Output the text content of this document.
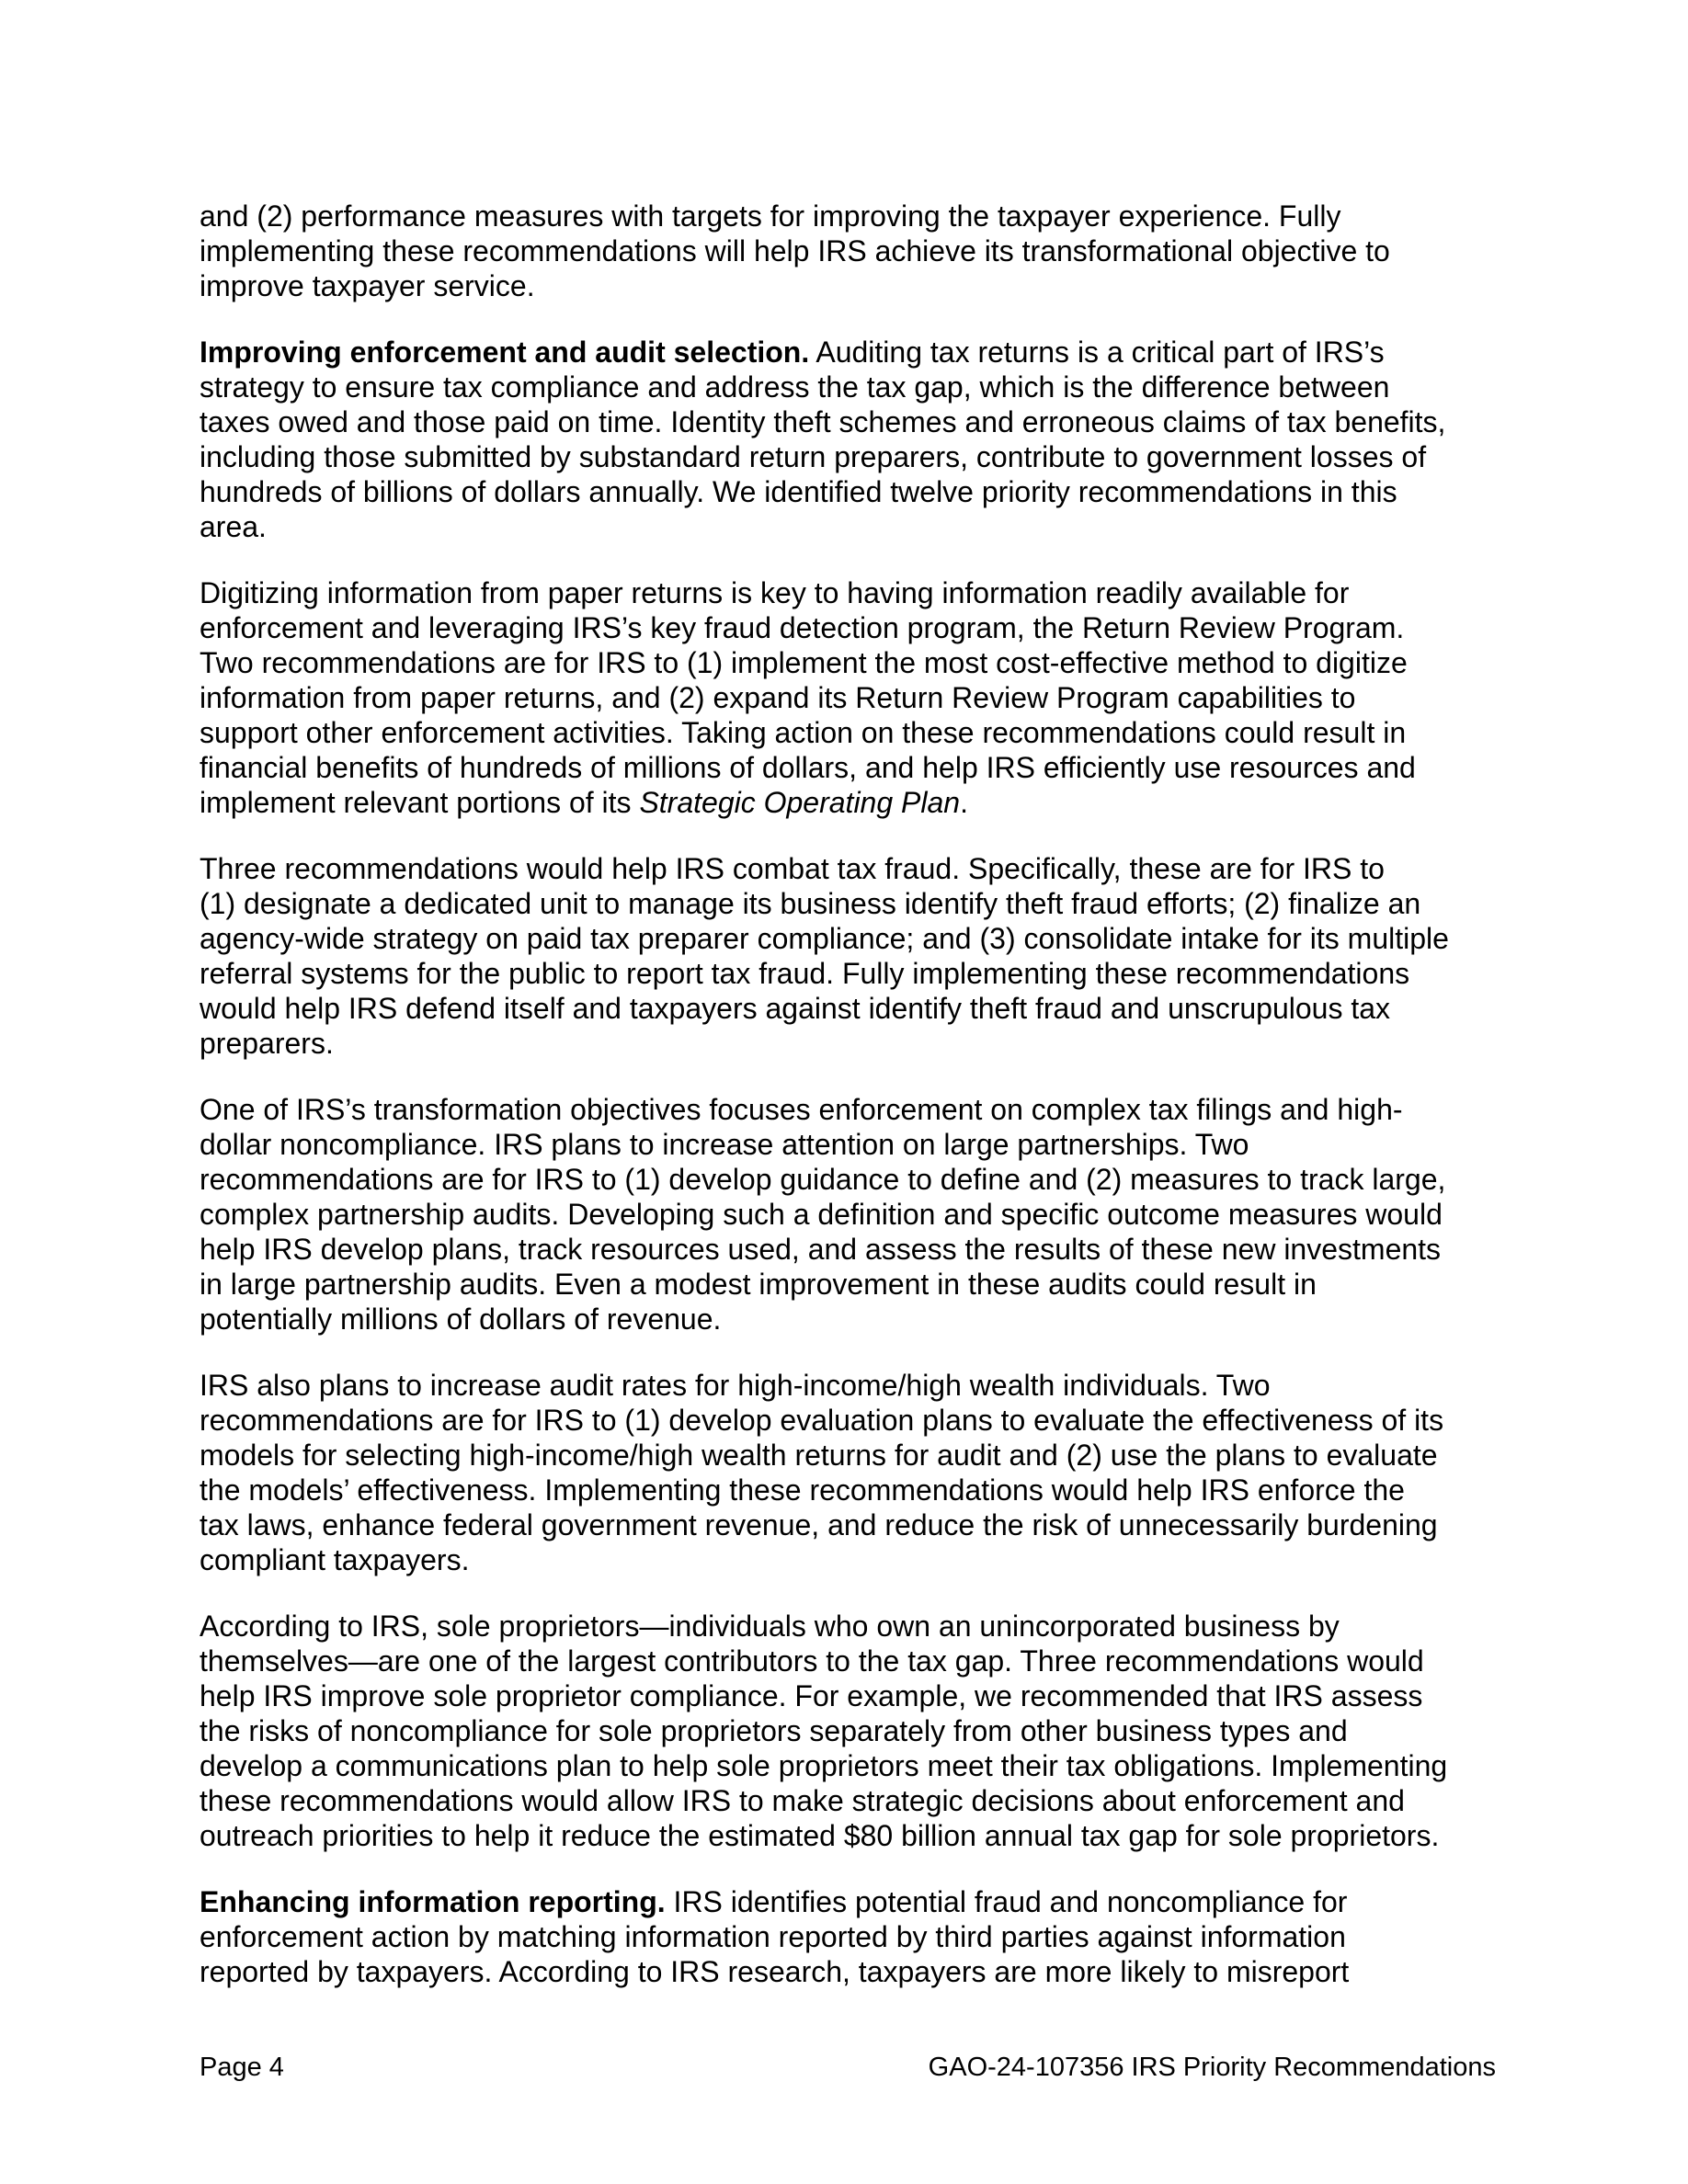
and (2) performance measures with targets for improving the taxpayer experience. Fully
implementing these recommendations will help IRS achieve its transformational objective to
improve taxpayer service.

Improving enforcement and audit selection. Auditing tax returns is a critical part of IRS’s
strategy to ensure tax compliance and address the tax gap, which is the difference between
taxes owed and those paid on time. Identity theft schemes and erroneous claims of tax benefits,
including those submitted by substandard return preparers, contribute to government losses of
hundreds of billions of dollars annually. We identified twelve priority recommendations in this
area.

Digitizing information from paper returns is key to having information readily available for
enforcement and leveraging IRS’s key fraud detection program, the Return Review Program.
Two recommendations are for IRS to (1) implement the most cost-effective method to digitize
information from paper returns, and (2) expand its Return Review Program capabilities to
support other enforcement activities. Taking action on these recommendations could result in
financial benefits of hundreds of millions of dollars, and help IRS efficiently use resources and
implement relevant portions of its Strategic Operating Plan.

Three recommendations would help IRS combat tax fraud. Specifically, these are for IRS to
(1) designate a dedicated unit to manage its business identify theft fraud efforts; (2) finalize an
agency-wide strategy on paid tax preparer compliance; and (3) consolidate intake for its multiple
referral systems for the public to report tax fraud. Fully implementing these recommendations
would help IRS defend itself and taxpayers against identify theft fraud and unscrupulous tax
preparers.

One of IRS’s transformation objectives focuses enforcement on complex tax filings and high-
dollar noncompliance. IRS plans to increase attention on large partnerships. Two
recommendations are for IRS to (1) develop guidance to define and (2) measures to track large,
complex partnership audits. Developing such a definition and specific outcome measures would
help IRS develop plans, track resources used, and assess the results of these new investments
in large partnership audits. Even a modest improvement in these audits could result in
potentially millions of dollars of revenue.

IRS also plans to increase audit rates for high-income/high wealth individuals. Two
recommendations are for IRS to (1) develop evaluation plans to evaluate the effectiveness of its
models for selecting high-income/high wealth returns for audit and (2) use the plans to evaluate
the models’ effectiveness. Implementing these recommendations would help IRS enforce the
tax laws, enhance federal government revenue, and reduce the risk of unnecessarily burdening
compliant taxpayers.

According to IRS, sole proprietors—individuals who own an unincorporated business by
themselves—are one of the largest contributors to the tax gap. Three recommendations would
help IRS improve sole proprietor compliance. For example, we recommended that IRS assess
the risks of noncompliance for sole proprietors separately from other business types and
develop a communications plan to help sole proprietors meet their tax obligations. Implementing
these recommendations would allow IRS to make strategic decisions about enforcement and
outreach priorities to help it reduce the estimated $80 billion annual tax gap for sole proprietors.

Enhancing information reporting. IRS identifies potential fraud and noncompliance for
enforcement action by matching information reported by third parties against information
reported by taxpayers. According to IRS research, taxpayers are more likely to misreport

Page 4	GAO-24-107356 IRS Priority Recommendations
